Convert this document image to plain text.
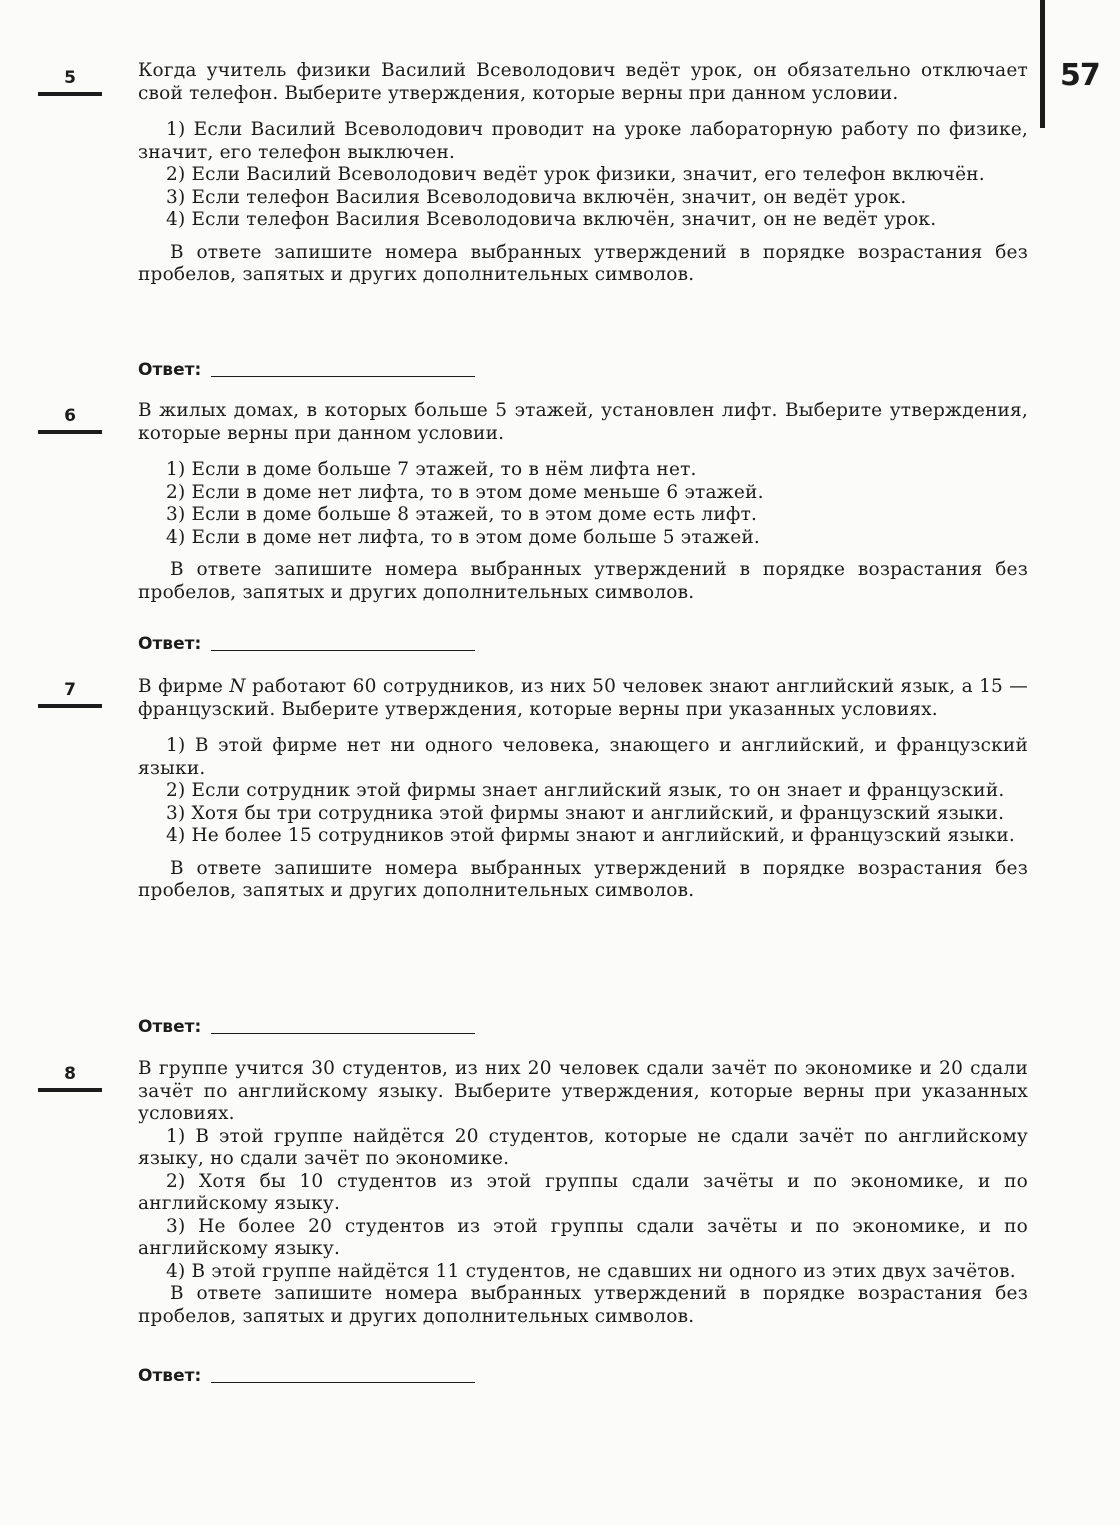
57
5	Когда учитель физики Василий Всеволодович ведёт урок, он обязательно отключает свой телефон. Выберите утверждения, которые верны при данном условии.

1) Если Василий Всеволодович проводит на уроке лабораторную работу по физике, значит, его телефон выключен.

2) Если Василий Всеволодович ведёт урок физики, значит, его телефон включён.

3) Если телефон Василия Всеволодовича включён, значит, он ведёт урок.

4) Если телефон Василия Всеволодовича включён, значит, он не ведёт урок.

В ответе запишите номера выбранных утверждений в порядке возрастания без пробелов, запятых и других дополнительных символов.

Ответ:
6	В жилых домах, в которых больше 5 этажей, установлен лифт. Выберите утверждения, которые верны при данном условии.

1) Если в доме больше 7 этажей, то в нём лифта нет.

2) Если в доме нет лифта, то в этом доме меньше 6 этажей.

3) Если в доме больше 8 этажей, то в этом доме есть лифт.

4) Если в доме нет лифта, то в этом доме больше 5 этажей.

В ответе запишите номера выбранных утверждений в порядке возрастания без пробелов, запятых и других дополнительных символов.

Ответ:
7	В фирме N работают 60 сотрудников, из них 50 человек знают английский язык, а 15 — французский. Выберите утверждения, которые верны при указанных условиях.

1) В этой фирме нет ни одного человека, знающего и английский, и французский языки.

2) Если сотрудник этой фирмы знает английский язык, то он знает и французский.

3) Хотя бы три сотрудника этой фирмы знают и английский, и французский языки.

4) Не более 15 сотрудников этой фирмы знают и английский, и французский языки.

В ответе запишите номера выбранных утверждений в порядке возрастания без пробелов, запятых и других дополнительных символов.

Ответ:
8	В группе учится 30 студентов, из них 20 человек сдали зачёт по экономике и 20 сдали зачёт по английскому языку. Выберите утверждения, которые верны при указанных условиях.

1) В этой группе найдётся 20 студентов, которые не сдали зачёт по английскому языку, но сдали зачёт по экономике.

2) Хотя бы 10 студентов из этой группы сдали зачёты и по экономике, и по английскому языку.

3) Не более 20 студентов из этой группы сдали зачёты и по экономике, и по английскому языку.

4) В этой группе найдётся 11 студентов, не сдавших ни одного из этих двух зачётов.

В ответе запишите номера выбранных утверждений в порядке возрастания без пробелов, запятых и других дополнительных символов.

Ответ:
